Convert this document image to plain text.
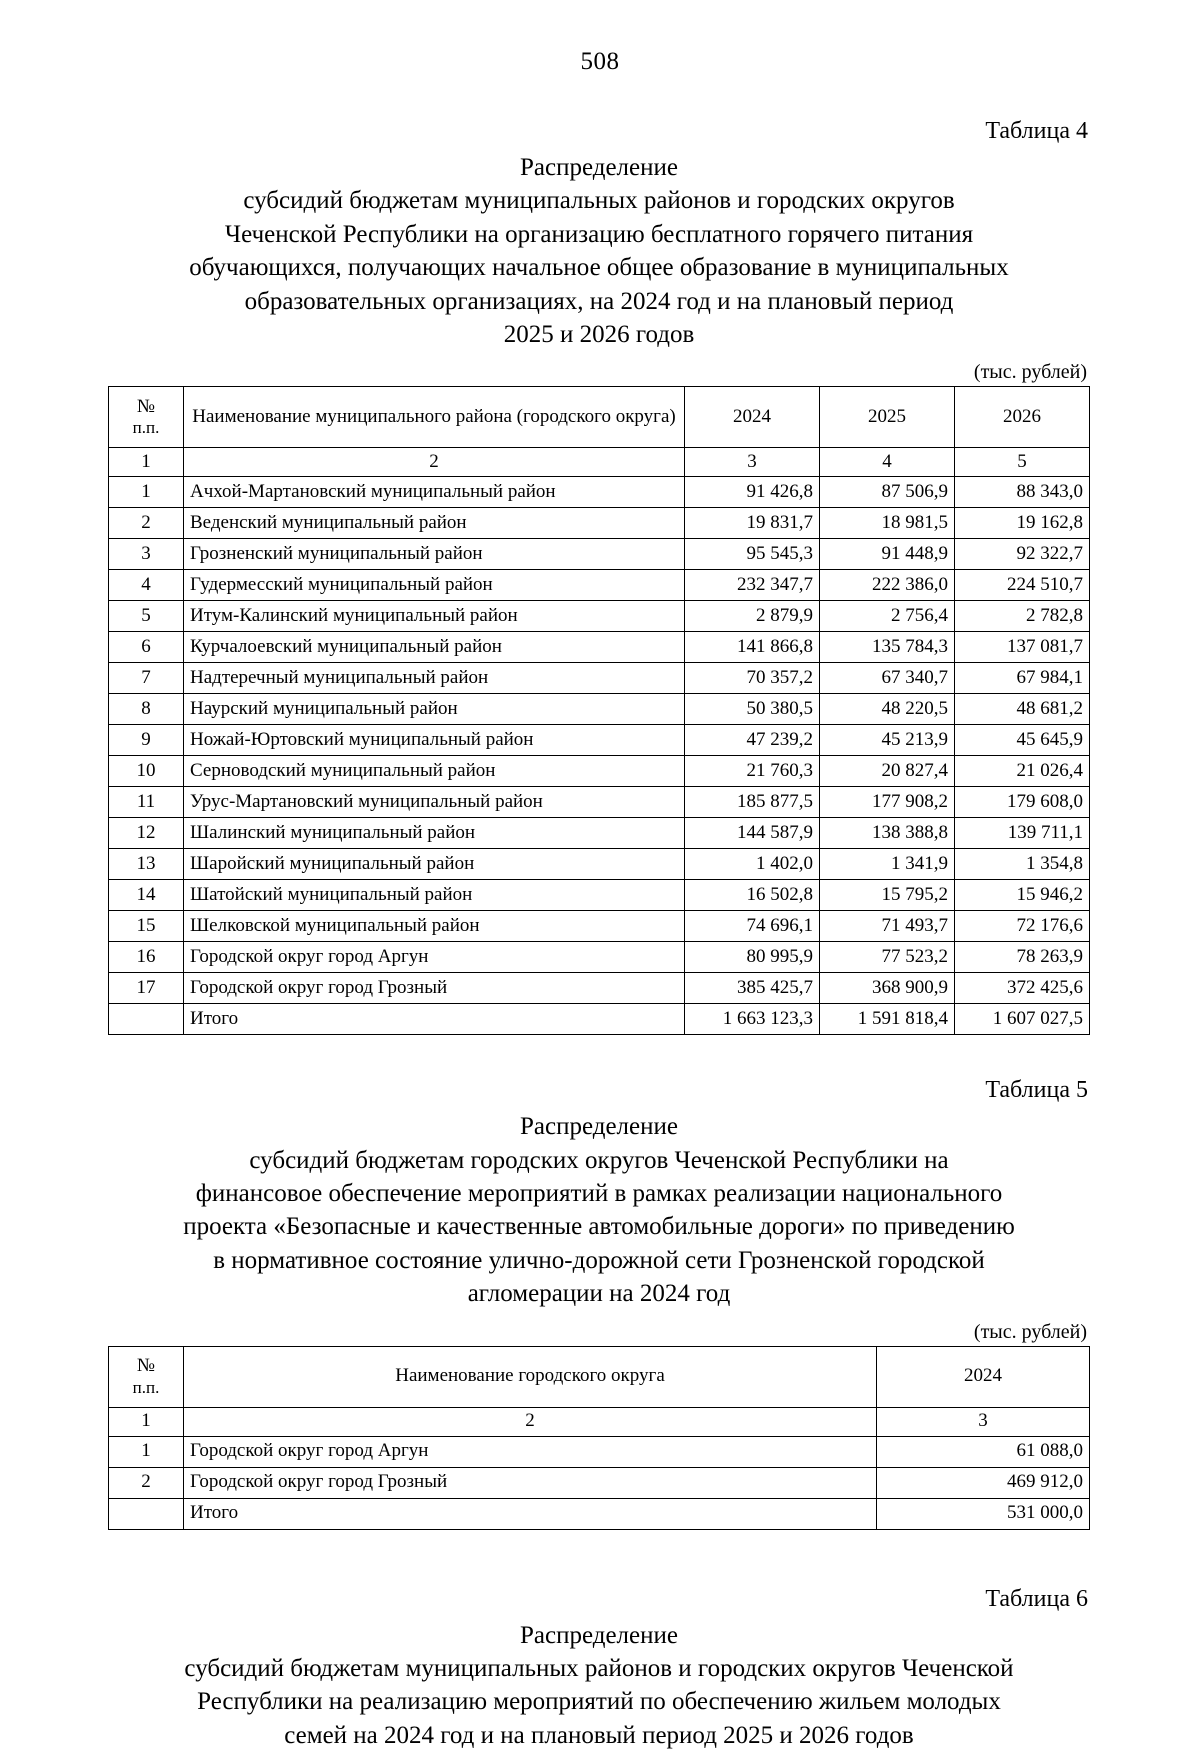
508
Таблица 4
Распределение
субсидий бюджетам муниципальных районов и городских округов
Чеченской Республики на организацию бесплатного горячего питания
обучающихся, получающих начальное общее образование в муниципальных
образовательных организациях, на 2024 год и на плановый период
2025 и 2026 годов
(тыс. рублей)
№
п.п.	Наименование муниципального района (городского округа)	2024	2025	2026
1	2	3	4	5
1	Ачхой-Мартановский муниципальный район	91 426,8	87 506,9	88 343,0
2	Веденский муниципальный район	19 831,7	18 981,5	19 162,8
3	Грозненский муниципальный район	95 545,3	91 448,9	92 322,7
4	Гудермесский муниципальный район	232 347,7	222 386,0	224 510,7
5	Итум-Калинский муниципальный район	2 879,9	2 756,4	2 782,8
6	Курчалоевский муниципальный район	141 866,8	135 784,3	137 081,7
7	Надтеречный муниципальный район	70 357,2	67 340,7	67 984,1
8	Наурский муниципальный район	50 380,5	48 220,5	48 681,2
9	Ножай-Юртовский муниципальный район	47 239,2	45 213,9	45 645,9
10	Серноводский муниципальный район	21 760,3	20 827,4	21 026,4
11	Урус-Мартановский муниципальный район	185 877,5	177 908,2	179 608,0
12	Шалинский муниципальный район	144 587,9	138 388,8	139 711,1
13	Шаройский муниципальный район	1 402,0	1 341,9	1 354,8
14	Шатойский муниципальный район	16 502,8	15 795,2	15 946,2
15	Шелковской муниципальный район	74 696,1	71 493,7	72 176,6
16	Городской округ город Аргун	80 995,9	77 523,2	78 263,9
17	Городской округ город Грозный	385 425,7	368 900,9	372 425,6
	Итого	1 663 123,3	1 591 818,4	1 607 027,5
Таблица 5
Распределение
субсидий бюджетам городских округов Чеченской Республики на
финансовое обеспечение мероприятий в рамках реализации национального
проекта «Безопасные и качественные автомобильные дороги» по приведению
в нормативное состояние улично-дорожной сети Грозненской городской
агломерации на 2024 год
(тыс. рублей)
№
п.п.	Наименование городского округа	2024
1	2	3
1	Городской округ город Аргун	61 088,0
2	Городской округ город Грозный	469 912,0
	Итого	531 000,0
Таблица 6
Распределение
субсидий бюджетам муниципальных районов и городских округов Чеченской
Республики на реализацию мероприятий по обеспечению жильем молодых
семей на 2024 год и на плановый период 2025 и 2026 годов
